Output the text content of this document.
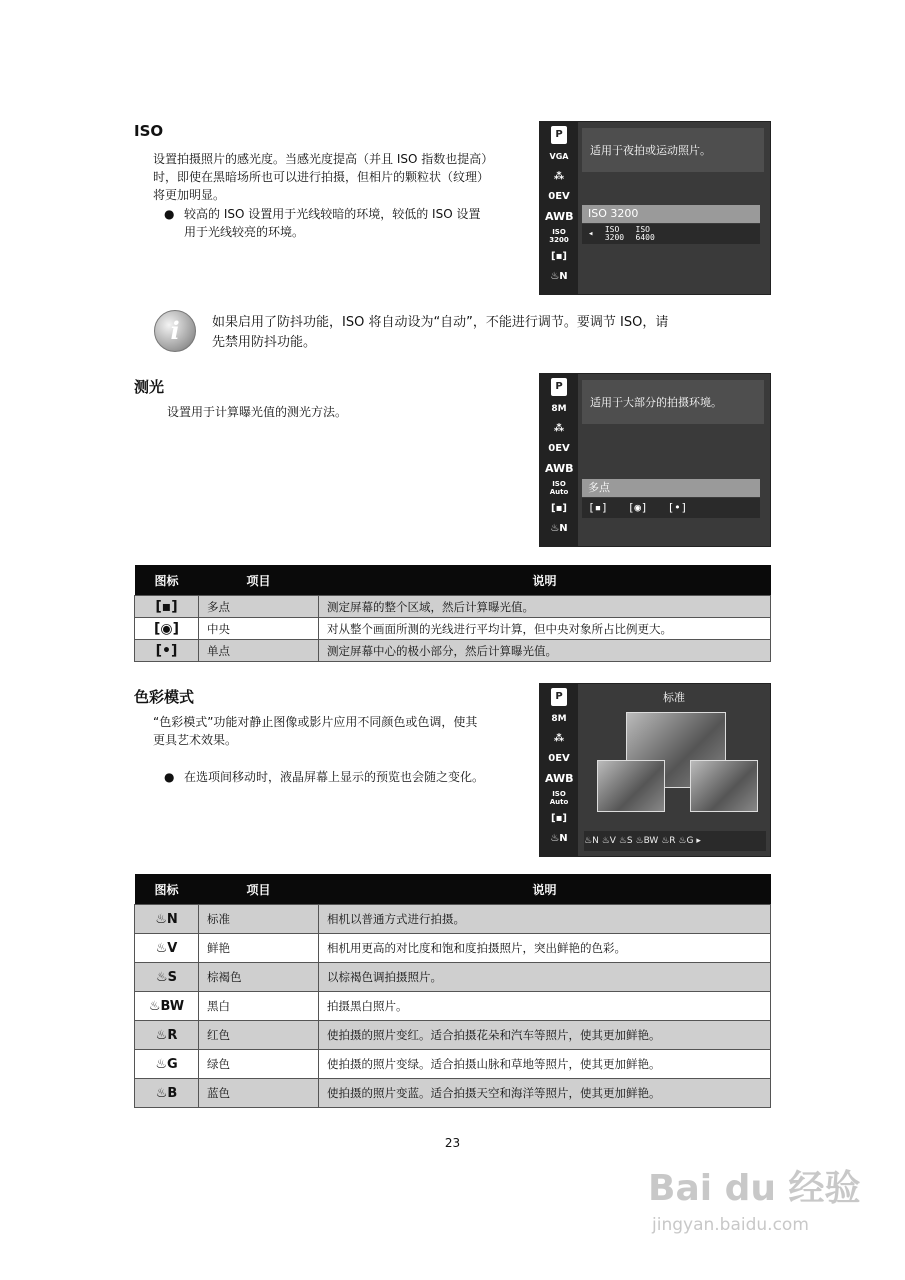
ISO
设置拍摄照片的感光度。当感光度提高（并且 ISO 指数也提高）
时，即使在黑暗场所也可以进行拍摄，但相片的颗粒状（纹理）
将更加明显。
● 较高的 ISO 设置用于光线较暗的环境，较低的 ISO 设置
用于光线较亮的环境。
P
VGA
⁂
0EV
AWB
ISO 3200
[▪]
♨N
适用于夜拍或运动照片。
ISO 3200
◂ ISO
3200 ISO
6400
i	如果启用了防抖功能，ISO 将自动设为“自动”，不能进行调节。要调节 ISO，请
先禁用防抖功能。
测光
设置用于计算曝光值的测光方法。
P
8M
⁂
0EV
AWB
ISO Auto
[▪]
♨N
适用于大部分的拍摄环境。
多点
[▪] [◉] [•]
图标	项目	说明
[▪]	多点	测定屏幕的整个区域，然后计算曝光值。
[◉]	中央	对从整个画面所测的光线进行平均计算，但中央对象所占比例更大。
[•]	单点	测定屏幕中心的极小部分，然后计算曝光值。
色彩模式
“色彩模式”功能对静止图像或影片应用不同颜色或色调，使其
更具艺术效果。
● 在选项间移动时，液晶屏幕上显示的预览也会随之变化。
P
8M
⁂
0EV
AWB
ISO Auto
[▪]
♨N
标准
♨N ♨V ♨S ♨BW ♨R ♨G ▸
图标	项目	说明
♨N	标准	相机以普通方式进行拍摄。
♨V	鲜艳	相机用更高的对比度和饱和度拍摄照片，突出鲜艳的色彩。
♨S	棕褐色	以棕褐色调拍摄照片。
♨BW	黑白	拍摄黑白照片。
♨R	红色	使拍摄的照片变红。适合拍摄花朵和汽车等照片，使其更加鲜艳。
♨G	绿色	使拍摄的照片变绿。适合拍摄山脉和草地等照片，使其更加鲜艳。
♨B	蓝色	使拍摄的照片变蓝。适合拍摄天空和海洋等照片，使其更加鲜艳。
23
Bai du 经验
jingyan.baidu.com
